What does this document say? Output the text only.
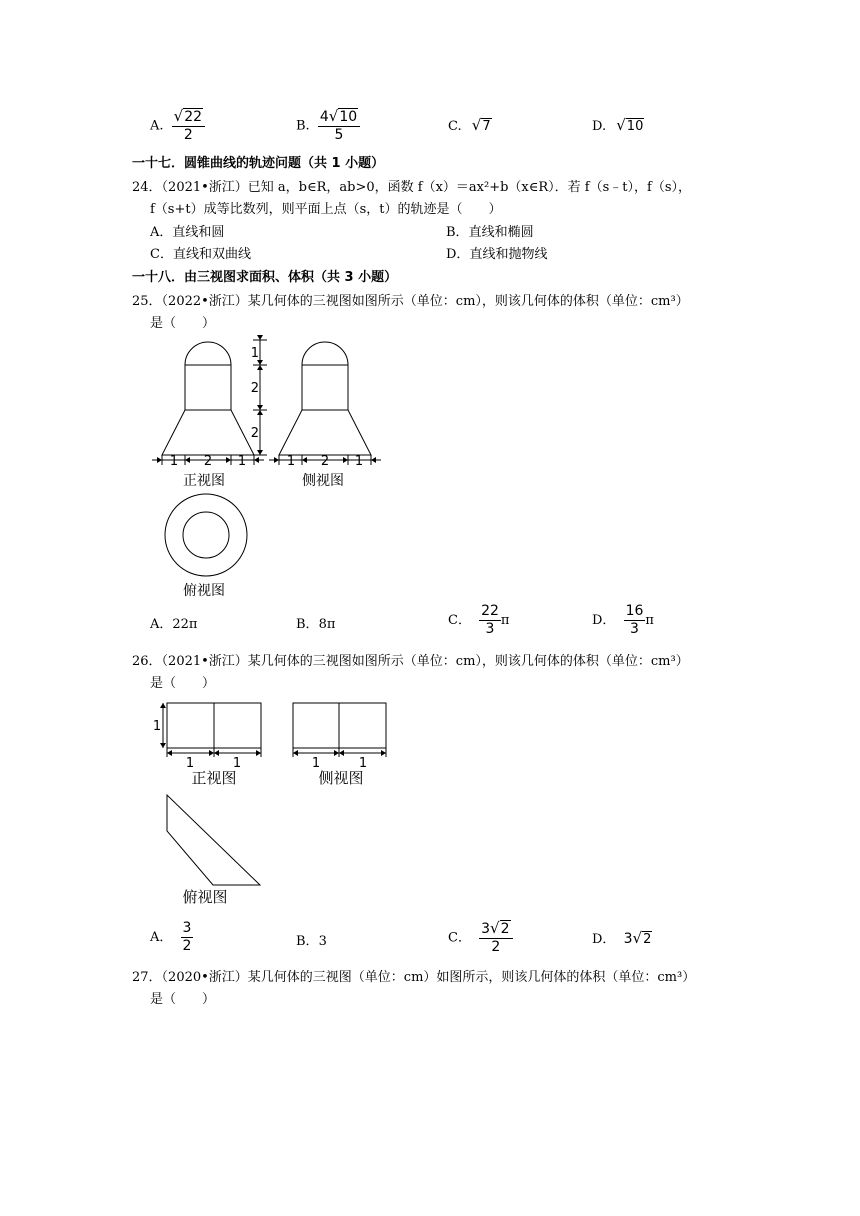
A. $\frac{√22}{2}$	B. $\frac{4√10}{5}$	C. √7	D. √10
一十七．圆锥曲线的轨迹问题（共 1 小题）
24．（2021•浙江）已知 a，b∈R，ab>0，函数 f（x）＝ax²+b（x∈R）．若 f（s﹣t），f（s），
f（s+t）成等比数列，则平面上点（s，t）的轨迹是（　　）
A．直线和圆	B．直线和椭圆
C．直线和双曲线	D．直线和抛物线
一十八．由三视图求面积、体积（共 3 小题）
25．（2022•浙江）某几何体的三视图如图所示（单位：cm），则该几何体的体积（单位：cm³）
是（　　）
1
2
2
1 2 1	1 2 1
正视图	侧视图
俯视图
A．22π	B．8π	C． $\frac{22}{3}$ π	D． $\frac{16}{3}$ π
26．（2021•浙江）某几何体的三视图如图所示（单位：cm），则该几何体的体积（单位：cm³）
是（　　）
1
1	1	1	1
正视图	侧视图
俯视图
A． $\frac{3}{2}$	B．3	C． $\frac{3√2}{2}$	D． 3√2
27．（2020•浙江）某几何体的三视图（单位：cm）如图所示，则该几何体的体积（单位：cm³）
是（　　）
